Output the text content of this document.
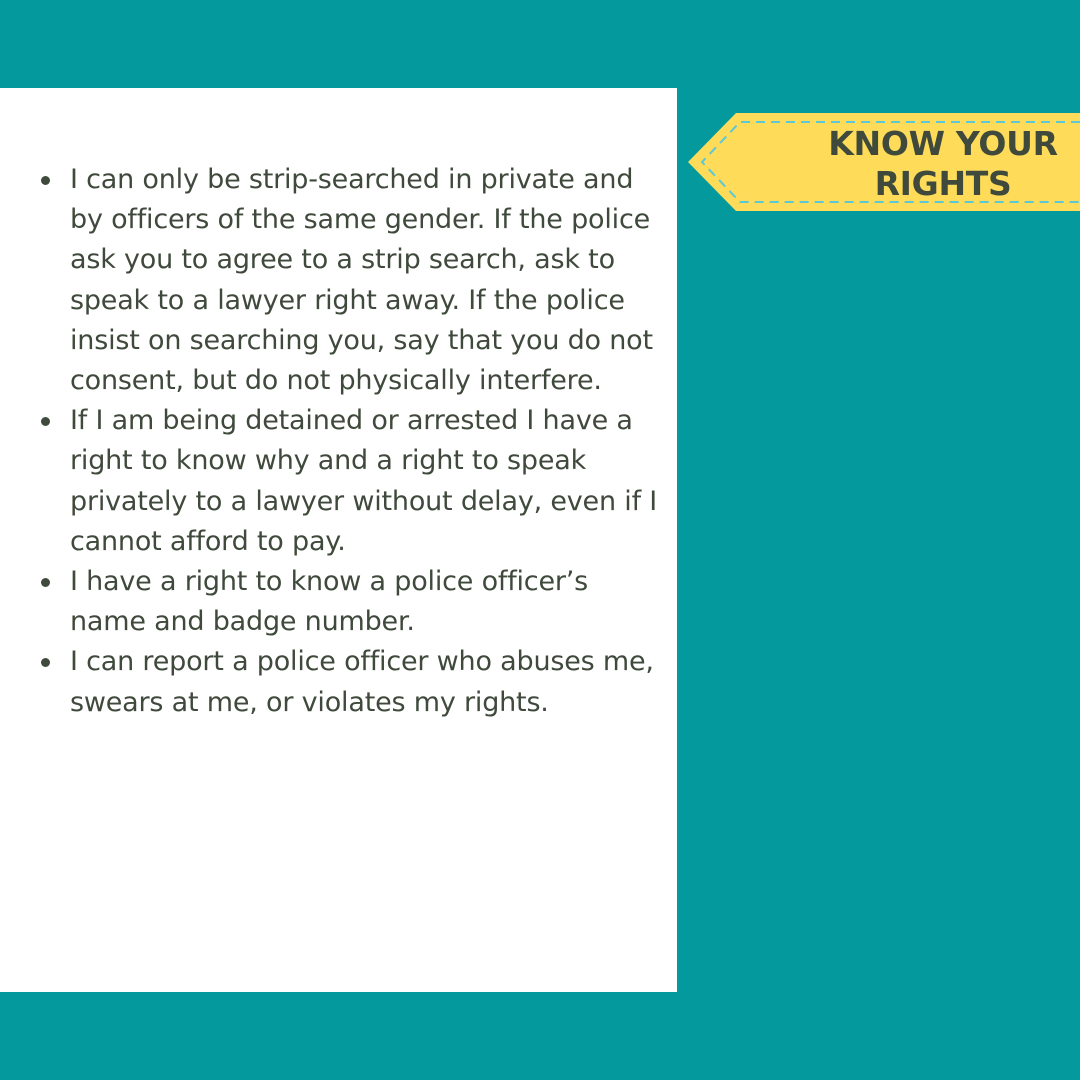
I can only be strip-searched in private and by officers of the same gender. If the police ask you to agree to a strip search, ask to speak to a lawyer right away. If the police insist on searching you, say that you do not consent, but do not physically interfere.
If I am being detained or arrested I have a right to know why and a right to speak privately to a lawyer without delay, even if I cannot afford to pay.
I have a right to know a police officer’s name and badge number.
I can report a police officer who abuses me, swears at me, or violates my rights.
KNOW YOUR
RIGHTS
